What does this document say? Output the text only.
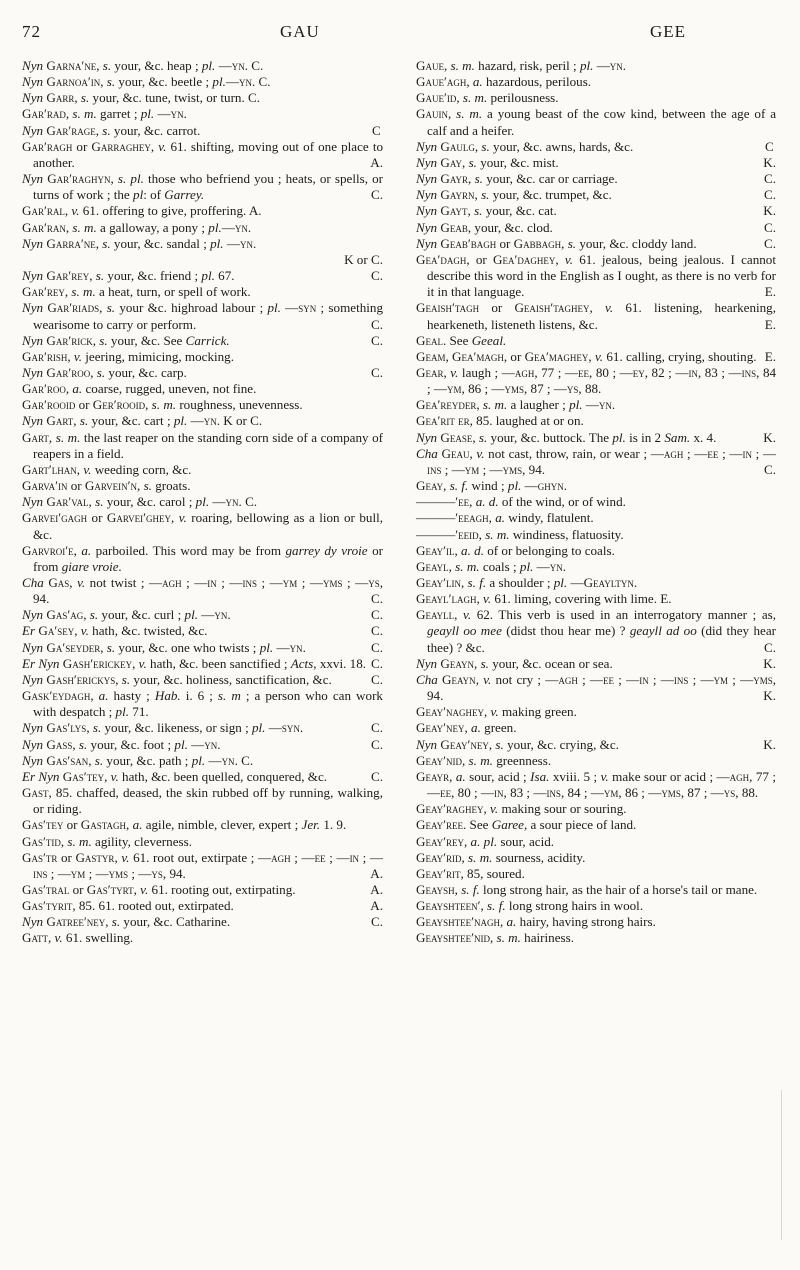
72	GAU	GEE

Nyn Garna′ne, s. your, &c. heap ; pl. —yn. C.

Nyn Garnoa′in, s. your, &c. beetle ; pl.—yn. C.

Nyn Garr, s. your, &c. tune, twist, or turn. C.

Gar′rad, s. m. garret ; pl. —yn.

Nyn Gar′rage, s. your, &c. carrot.	C

Gar′ragh or Garraghey, v. 61. shifting, moving out of one place to another.	A.

Nyn Gar′raghyn, s. pl. those who befriend you ; heats, or spells, or turns of work ; the pl: of Garrey.	C.

Gar′ral, v. 61. offering to give, proffering. A.

Gar′ran, s. m. a galloway, a pony ; pl.—yn.

Nyn Garra′ne, s. your, &c. sandal ; pl. —yn.

K or C.

Nyn Gar′rey, s. your, &c. friend ; pl. 67.	C.

Gar′rey, s. m. a heat, turn, or spell of work.

Nyn Gar′riads, s. your &c. highroad labour ; pl. —syn ; something wearisome to carry or perform.	C.

Nyn Gar′rick, s. your, &c. See Carrick.	C.

Gar′rish, v. jeering, mimicing, mocking.

Nyn Gar′roo, s. your, &c. carp.	C.

Gar′roo, a. coarse, rugged, uneven, not fine.

Gar′rooid or Ger′rooid, s. m. roughness, unevenness.

Nyn Gart, s. your, &c. cart ; pl. —yn. K or C.

Gart, s. m. the last reaper on the standing corn side of a company of reapers in a field.

Gart′lhan, v. weeding corn, &c.

Garva′in or Garvein′n, s. groats.

Nyn Gar′val, s. your, &c. carol ; pl. —yn. C.

Garvei′gagh or Garvei′ghey, v. roaring, bellowing as a lion or bull, &c.

Garvroi′e, a. parboiled. This word may be from garrey dy vroie or from giare vroie.

Cha Gas, v. not twist ; —agh ; —in ; —ins ; —ym ; —yms ; —ys, 94.	C.

Nyn Gas′ag, s. your, &c. curl ; pl. —yn.	C.

Er Ga′sey, v. hath, &c. twisted, &c.	C.

Nyn Ga′seyder, s. your, &c. one who twists ; pl. —yn.	C.

Er Nyn Gash′erickey, v. hath, &c. been sanctified ; Acts, xxvi. 18. C.

Nyn Gash′erickys, s. your, &c. holiness, sanctification, &c.	C.

Gask′eydagh, a. hasty ; Hab. i. 6 ; s. m ; a person who can work with despatch ; pl. 71.

Nyn Gas′lys, s. your, &c. likeness, or sign ; pl. —syn.	C.

Nyn Gass, s. your, &c. foot ; pl. —yn.	C.

Nyn Gas′san, s. your, &c. path ; pl. —yn. C.

Er Nyn Gas′tey, v. hath, &c. been quelled, conquered, &c.	C.

Gast, 85. chaffed, deased, the skin rubbed off by running, walking, or riding.

Gas′tey or Gastagh, a. agile, nimble, clever, expert ; Jer. 1. 9.

Gas′tid, s. m. agility, cleverness.

Gas′tr or Gastyr, v. 61. root out, extirpate ; —agh ; —ee ; —in ; —ins ; —ym ; —yms ; —ys, 94.	A.

Gas′tral or Gas′tyrt, v. 61. rooting out, extirpating.	A.

Gas′tyrit, 85. 61. rooted out, extirpated.	A.

Nyn Gatree′ney, s. your, &c. Catharine.	C.

Gatt, v. 61. swelling.

Gaue, s. m. hazard, risk, peril ; pl. —yn.

Gaue′agh, a. hazardous, perilous.

Gaue′id, s. m. perilousness.

Gauin, s. m. a young beast of the cow kind, between the age of a calf and a heifer.

Nyn Gaulg, s. your, &c. awns, hards, &c.	C

Nyn Gay, s. your, &c. mist.	K.

Nyn Gayr, s. your, &c. car or carriage.	C.

Nyn Gayrn, s. your, &c. trumpet, &c.	C.

Nyn Gayt, s. your, &c. cat.	K.

Nyn Geab, your, &c. clod.	C.

Nyn Geab′bagh or Gabbagh, s. your, &c. cloddy land.	C.

Gea′dagh, or Gea′daghey, v. 61. jealous, being jealous. I cannot describe this word in the English as I ought, as there is no verb for it in that language.	E.

Geaish′tagh or Geaish′taghey, v. 61. listening, hearkening, hearkeneth, listeneth listens, &c.	E.

Geal. See Geeal.

Geam, Gea′magh, or Gea′maghey, v. 61. calling, crying, shouting. E.

Gear, v. laugh ; —agh, 77 ; —ee, 80 ; —ey, 82 ; —in, 83 ; —ins, 84 ; —ym, 86 ; —yms, 87 ; —ys, 88.

Gea′reyder, s. m. a laugher ; pl. —yn.

Gea′rit er, 85. laughed at or on.

Nyn Gease, s. your, &c. buttock. The pl. is in 2 Sam. x. 4.	K.

Cha Geau, v. not cast, throw, rain, or wear ; —agh ; —ee ; —in ; —ins ; —ym ; —yms, 94.	C.

Geay, s. f. wind ; pl. —ghyn.

———′ee, a. d. of the wind, or of wind.

———′eeagh, a. windy, flatulent.

———′eeid, s. m. windiness, flatuosity.

Geay′il, a. d. of or belonging to coals.

Geayl, s. m. coals ; pl. —yn.

Geay′lin, s. f. a shoulder ; pl. —Geayltyn.

Geayl′lagh, v. 61. liming, covering with lime. E.

Geayll, v. 62. This verb is used in an interrogatory manner ; as, geayll oo mee (didst thou hear me) ? geayll ad oo (did they hear thee) ? &c.	C.

Nyn Geayn, s. your, &c. ocean or sea.	K.

Cha Geayn, v. not cry ; —agh ; —ee ; —in ; —ins ; —ym ; —yms, 94.	K.

Geay′naghey, v. making green.

Geay′ney, a. green.

Nyn Geay′ney, s. your, &c. crying, &c.	K.

Geay′nid, s. m. greenness.

Geayr, a. sour, acid ; Isa. xviii. 5 ; v. make sour or acid ; —agh, 77 ; —ee, 80 ; —in, 83 ; —ins, 84 ; —ym, 86 ; —yms, 87 ; —ys, 88.

Geay′raghey, v. making sour or souring.

Geay′ree. See Garee, a sour piece of land.

Geay′rey, a. pl. sour, acid.

Geay′rid, s. m. sourness, acidity.

Geay′rit, 85, soured.

Geaysh, s. f. long strong hair, as the hair of a horse's tail or mane.

Geayshteen′, s. f. long strong hairs in wool.

Geayshtee′nagh, a. hairy, having strong hairs.

Geayshtee′nid, s. m. hairiness.
